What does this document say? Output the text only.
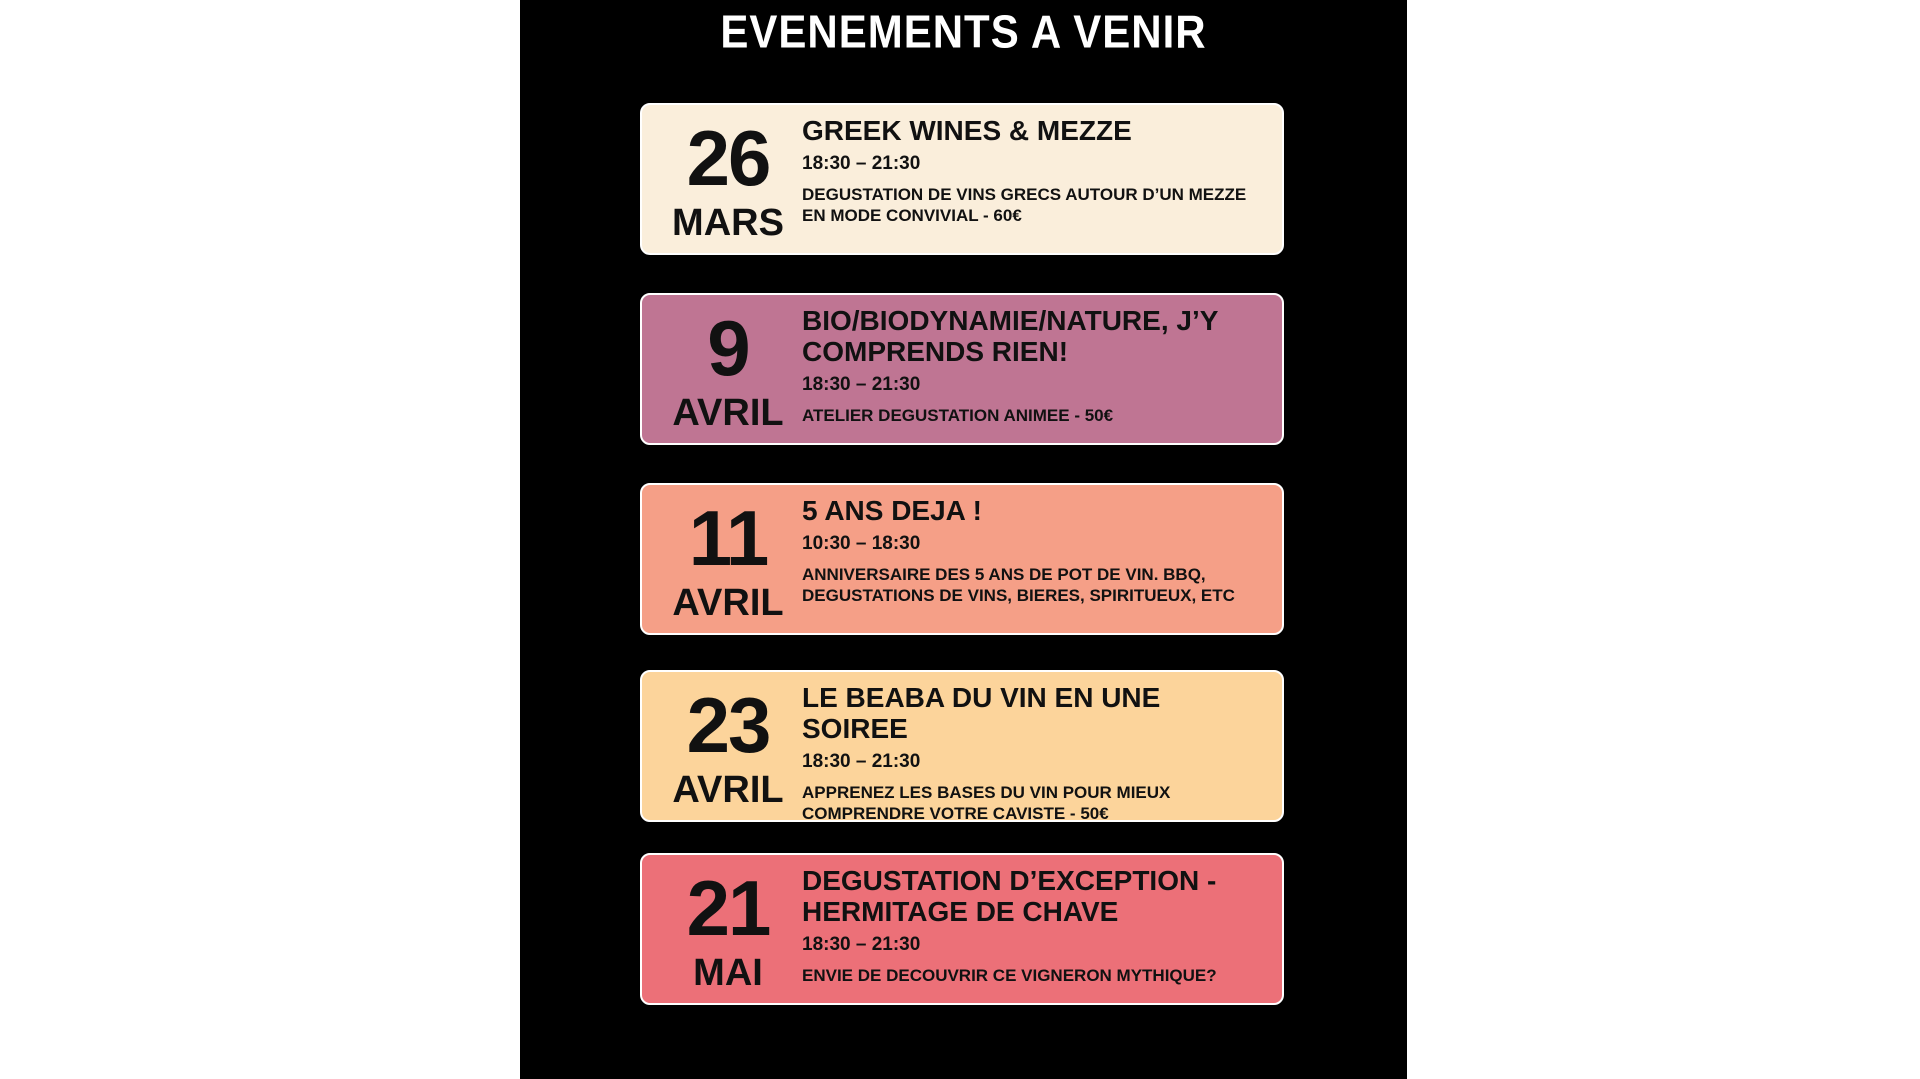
EVENEMENTS A VENIR
26
MARS
GREEK WINES & MEZZE
18:30 – 21:30
DEGUSTATION DE VINS GRECS AUTOUR D’UN MEZZE EN MODE CONVIVIAL - 60€
9
AVRIL
BIO/BIODYNAMIE/NATURE, J’Y COMPRENDS RIEN!
18:30 – 21:30
ATELIER DEGUSTATION ANIMEE - 50€
11
AVRIL
5 ANS DEJA !
10:30 – 18:30
ANNIVERSAIRE DES 5 ANS DE POT DE VIN. BBQ, DEGUSTATIONS DE VINS, BIERES, SPIRITUEUX, ETC
23
AVRIL
LE BEABA DU VIN EN UNE SOIREE
18:30 – 21:30
APPRENEZ LES BASES DU VIN POUR MIEUX COMPRENDRE VOTRE CAVISTE - 50€
21
MAI
DEGUSTATION D’EXCEPTION - HERMITAGE DE CHAVE
18:30 – 21:30
ENVIE DE DECOUVRIR CE VIGNERON MYTHIQUE?
